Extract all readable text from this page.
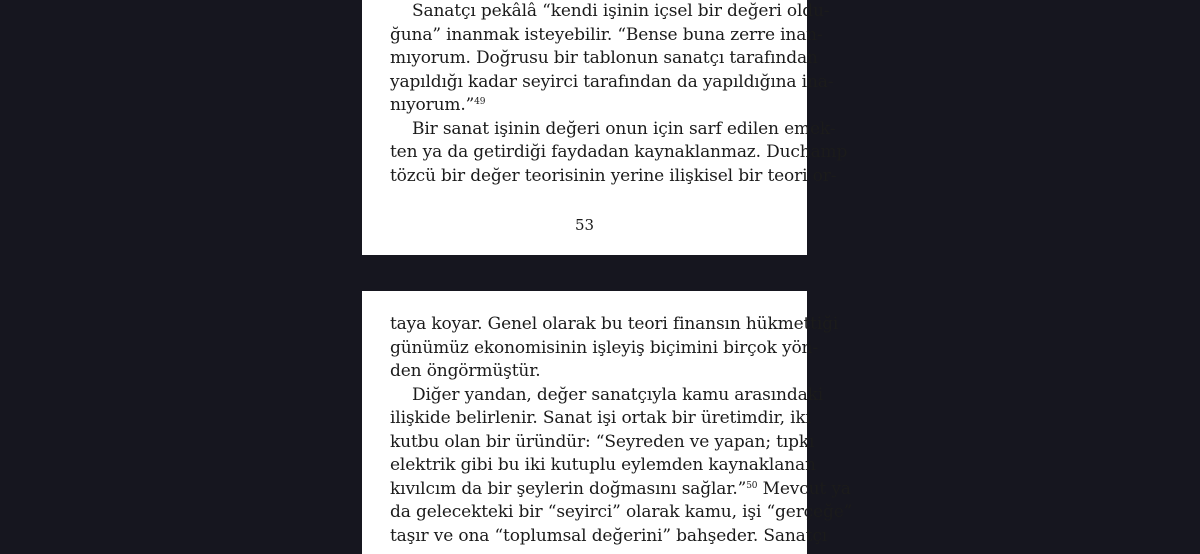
Sanatçı pekâlâ “kendi işinin içsel bir değeri oldu-
ğuna” inanmak isteyebilir. “Bense buna zerre inan-
mıyorum. Doğrusu bir tablonun sanatçı tarafından
yapıldığı kadar seyirci tarafından da yapıldığına ina-
nıyorum.”$^{49}$
Bir sanat işinin değeri onun için sarf edilen emek-
ten ya da getirdiği faydadan kaynaklanmaz. Duchamp
tözcü bir değer teorisinin yerine ilişkisel bir teori or-
53
taya koyar. Genel olarak bu teori finansın hükmettiği
günümüz ekonomisinin işleyiş biçimini birçok yön-
den öngörmüştür.
Diğer yandan, değer sanatçıyla kamu arasındaki
ilişkide belirlenir. Sanat işi ortak bir üretimdir, iki
kutbu olan bir üründür: “Seyreden ve yapan; tıpkı
elektrik gibi bu iki kutuplu eylemden kaynaklanan
kıvılcım da bir şeylerin doğmasını sağlar.”$^{50}$ Mevcut ya
da gelecekteki bir “seyirci” olarak kamu, işi “gerçeğe”
taşır ve ona “toplumsal değerini” bahşeder. Sanatçı
